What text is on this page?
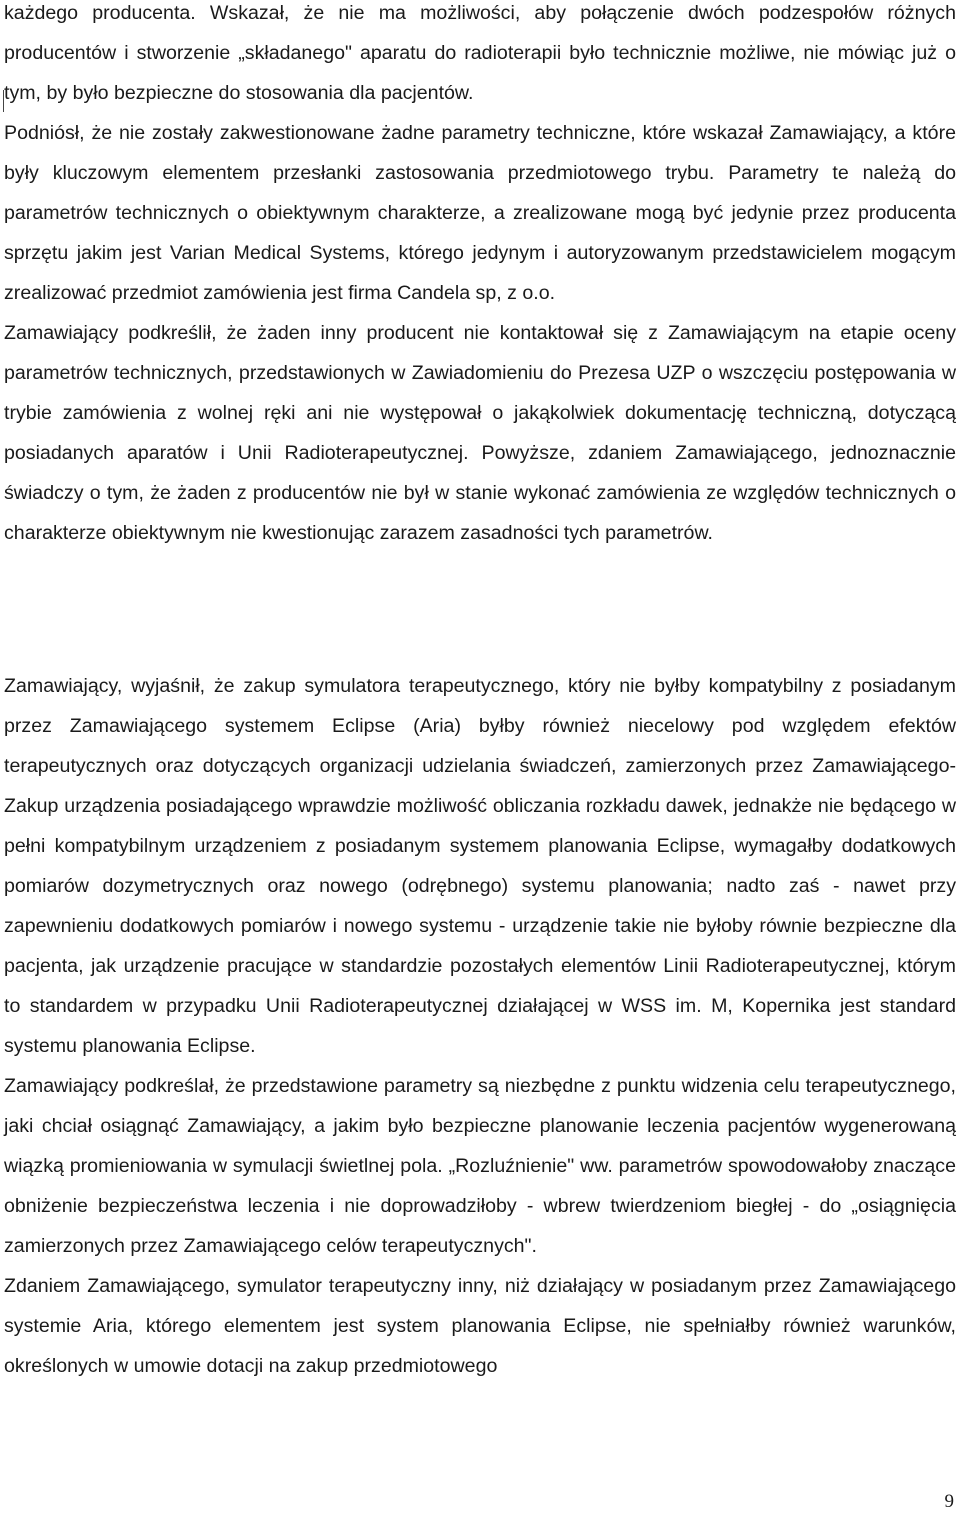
każdego producenta. Wskazał, że nie ma możliwości, aby połączenie dwóch podzespołów różnych producentów i stworzenie „składanego" aparatu do radioterapii było technicznie możliwe, nie mówiąc już o tym, by było bezpieczne do stosowania dla pacjentów.

Podniósł, że nie zostały zakwestionowane żadne parametry techniczne, które wskazał Zamawiający, a które były kluczowym elementem przesłanki zastosowania przedmiotowego trybu. Parametry te należą do parametrów technicznych o obiektywnym charakterze, a zrealizowane mogą być jedynie przez producenta sprzętu jakim jest Varian Medical Systems, którego jedynym i autoryzowanym przedstawicielem mogącym zrealizować przedmiot zamówienia jest firma Candela sp, z o.o.

Zamawiający podkreślił, że żaden inny producent nie kontaktował się z Zamawiającym na etapie oceny parametrów technicznych, przedstawionych w Zawiadomieniu do Prezesa UZP o wszczęciu postępowania w trybie zamówienia z wolnej ręki ani nie występował o jakąkolwiek dokumentację techniczną, dotyczącą posiadanych aparatów i Unii Radioterapeutycznej. Powyższe, zdaniem Zamawiającego, jednoznacznie świadczy o tym, że żaden z producentów nie był w stanie wykonać zamówienia ze względów technicznych o charakterze obiektywnym nie kwestionując zarazem zasadności tych parametrów.

Zamawiający, wyjaśnił, że zakup symulatora terapeutycznego, który nie byłby kompatybilny z posiadanym przez Zamawiającego systemem Eclipse (Aria) byłby również niecelowy pod względem efektów terapeutycznych oraz dotyczących organizacji udzielania świadczeń, zamierzonych przez Zamawiającego- Zakup urządzenia posiadającego wprawdzie możliwość obliczania rozkładu dawek, jednakże nie będącego w pełni kompatybilnym urządzeniem z posiadanym systemem planowania Eclipse, wymagałby dodatkowych pomiarów dozymetrycznych oraz nowego (odrębnego) systemu planowania; nadto zaś - nawet przy zapewnieniu dodatkowych pomiarów i nowego systemu - urządzenie takie nie byłoby równie bezpieczne dla pacjenta, jak urządzenie pracujące w standardzie pozostałych elementów Linii Radioterapeutycznej, którym to standardem w przypadku Unii Radioterapeutycznej działającej w WSS im. M, Kopernika jest standard systemu planowania Eclipse.

Zamawiający podkreślał, że przedstawione parametry są niezbędne z punktu widzenia celu terapeutycznego, jaki chciał osiągnąć Zamawiający, a jakim było bezpieczne planowanie leczenia pacjentów wygenerowaną wiązką promieniowania w symulacji świetlnej pola. „Rozluźnienie" ww. parametrów spowodowałoby znaczące obniżenie bezpieczeństwa leczenia i nie doprowadziłoby - wbrew twierdzeniom biegłej - do „osiągnięcia zamierzonych przez Zamawiającego celów terapeutycznych".

Zdaniem Zamawiającego, symulator terapeutyczny inny, niż działający w posiadanym przez Zamawiającego systemie Aria, którego elementem jest system planowania Eclipse, nie spełniałby również warunków, określonych w umowie dotacji na zakup przedmiotowego

9
